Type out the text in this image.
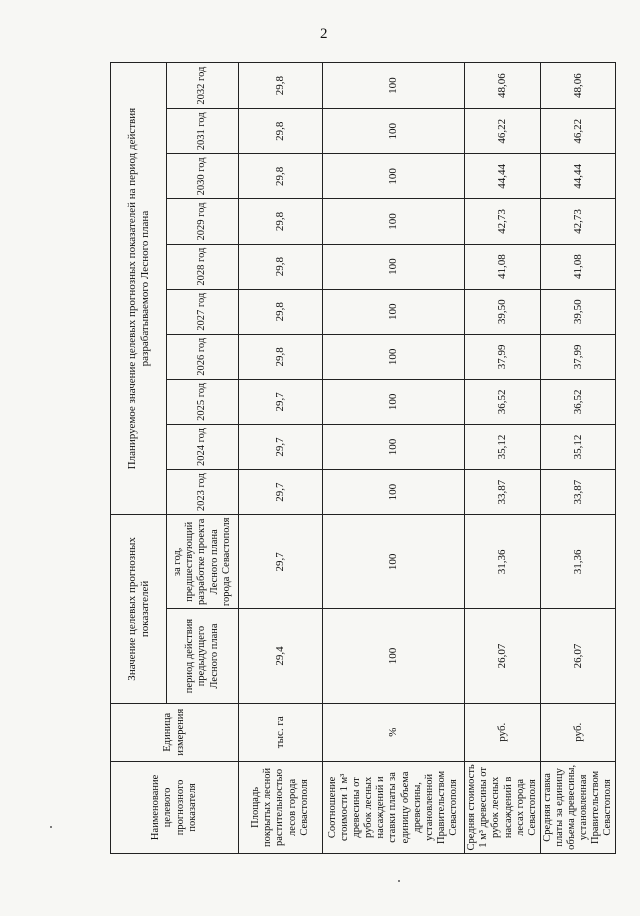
2
Наименование целевого прогнозного показателя	Единица измерения	Значение целевых прогнозных показателей		Планируемое значение целевых прогнозных показателей на период действия разрабатываемого Лесного плана									
		период действия предыдущего Лесного плана	за год, предшествующий разработке проекта Лесного плана города Севастополя	2023 год	2024 год	2025 год	2026 год	2027 год	2028 год	2029 год	2030 год	2031 год	2032 год
Площадь покрытых лесной растительностью лесов города Севастополя	тыс. га	29,4	29,7	29,7	29,7	29,7	29,8	29,8	29,8	29,8	29,8	29,8	29,8
Соотношение стоимости 1 м³ древесины от рубок лесных насаждений и ставки платы за единицу объема древесины, установленной Правительством Севастополя	%	100	100	100	100	100	100	100	100	100	100	100	100
Средняя стоимость 1 м³ древесины от рубок лесных насаждений в лесах города Севастополя	руб.	26,07	31,36	33,87	35,12	36,52	37,99	39,50	41,08	42,73	44,44	46,22	48,06
Средняя ставка платы за единицу объема древесины, установленная Правительством Севастополя	руб.	26,07	31,36	33,87	35,12	36,52	37,99	39,50	41,08	42,73	44,44	46,22	48,06
